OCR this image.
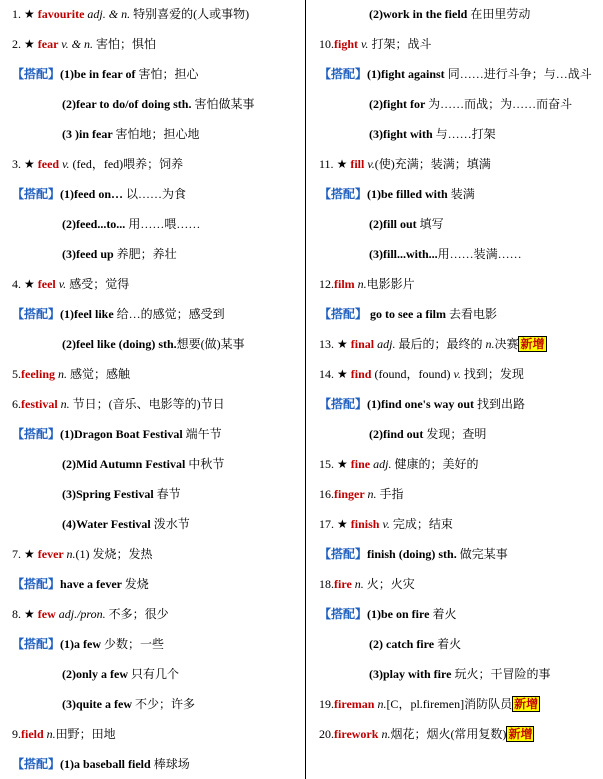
1. ★ favourite adj. & n. 特别喜爱的(人或事物)
2. ★ fear v. & n. 害怕；惧怕
【搭配】(1)be in fear of 害怕；担心
(2)fear to do/of doing sth. 害怕做某事
(3 )in fear 害怕地；担心地
3. ★ feed v. (fed，fed)喂养；饲养
【搭配】(1)feed on… 以……为食
(2)feed...to... 用……喂……
(3)feed up 养肥；养壮
4. ★ feel v. 感受；觉得
【搭配】(1)feel like 给…的感觉；感受到
(2)feel like (doing) sth.想要(做)某事
5.feeling n. 感觉；感触
6.festival n. 节日；(音乐、电影等的)节日
【搭配】(1)Dragon Boat Festival 端午节
(2)Mid Autumn Festival 中秋节
(3)Spring Festival 春节
(4)Water Festival 泼水节
7. ★ fever n.(1) 发烧；发热
【搭配】have a fever 发烧
8. ★ few adj./pron. 不多；很少
【搭配】(1)a few 少数；一些
(2)only a few 只有几个
(3)quite a few 不少；许多
9.field n.田野；田地
【搭配】(1)a baseball field 棒球场
(2)work in the field 在田里劳动
10.fight v. 打架；战斗
【搭配】(1)fight against 同……进行斗争；与…战斗
(2)fight for 为……而战；为……而奋斗
(3)fight with 与……打架
11. ★ fill v.(使)充满；装满；填满
【搭配】(1)be filled with 装满
(2)fill out 填写
(3)fill...with...用……装满……
12.film n.电影影片
【搭配】 go to see a film 去看电影
13. ★ final adj. 最后的；最终的 n.决赛 新增
14. ★ find (found，found) v. 找到；发现
【搭配】(1)find one's way out 找到出路
(2)find out 发现；查明
15. ★ fine adj. 健康的；美好的
16.finger n. 手指
17. ★ finish v. 完成；结束
【搭配】finish (doing) sth. 做完某事
18.fire n. 火；火灾
【搭配】(1)be on fire 着火
(2) catch fire 着火
(3)play with fire 玩火；干冒险的事
19.fireman n.[C，pl.firemen]消防队员 新增
20.firework n.烟花；烟火(常用复数) 新增
